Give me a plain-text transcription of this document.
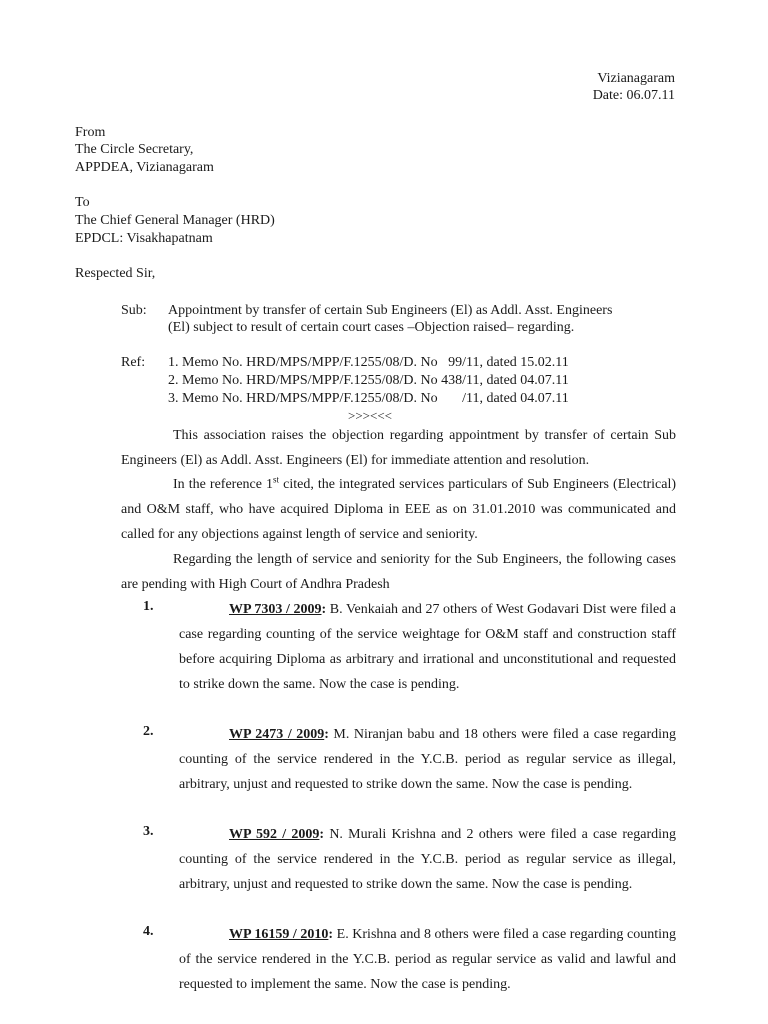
Vizianagaram
Date: 06.07.11
From
The Circle Secretary,
APPDEA, Vizianagaram
To
The Chief General Manager (HRD)
EPDCL: Visakhapatnam
Respected Sir,
Sub: Appointment by transfer of certain Sub Engineers (El) as Addl. Asst. Engineers
(El) subject to result of certain court cases –Objection raised– regarding.
Ref: 1. Memo No. HRD/MPS/MPP/F.1255/08/D. No   99/11, dated 15.02.11
2. Memo No. HRD/MPS/MPP/F.1255/08/D. No 438/11, dated 04.07.11
3. Memo No. HRD/MPS/MPP/F.1255/08/D. No       /11, dated 04.07.11
>>><<<
This association raises the objection regarding appointment by transfer of certain Sub Engineers (El) as Addl. Asst. Engineers (El) for immediate attention and resolution.
In the reference 1st cited, the integrated services particulars of Sub Engineers (Electrical) and O&M staff, who have acquired Diploma in EEE as on 31.01.2010 was communicated and called for any objections against length of service and seniority.
Regarding the length of service and seniority for the Sub Engineers, the following cases are pending with High Court of Andhra Pradesh
1.	WP 7303 / 2009: B. Venkaiah and 27 others of West Godavari Dist were filed a case regarding counting of the service weightage for O&M staff and construction staff before acquiring Diploma as arbitrary and irrational and unconstitutional and requested to strike down the same. Now the case is pending.
2.	WP 2473 / 2009: M. Niranjan babu and 18 others were filed a case regarding counting of the service rendered in the Y.C.B. period as regular service as illegal, arbitrary, unjust and requested to strike down the same. Now the case is pending.
3.	WP 592 / 2009: N. Murali Krishna and 2 others were filed a case regarding counting of the service rendered in the Y.C.B. period as regular service as illegal, arbitrary, unjust and requested to strike down the same. Now the case is pending.
4.	WP 16159 / 2010: E. Krishna and 8 others were filed a case regarding counting of the service rendered in the Y.C.B. period as regular service as valid and lawful and requested to implement the same. Now the case is pending.
